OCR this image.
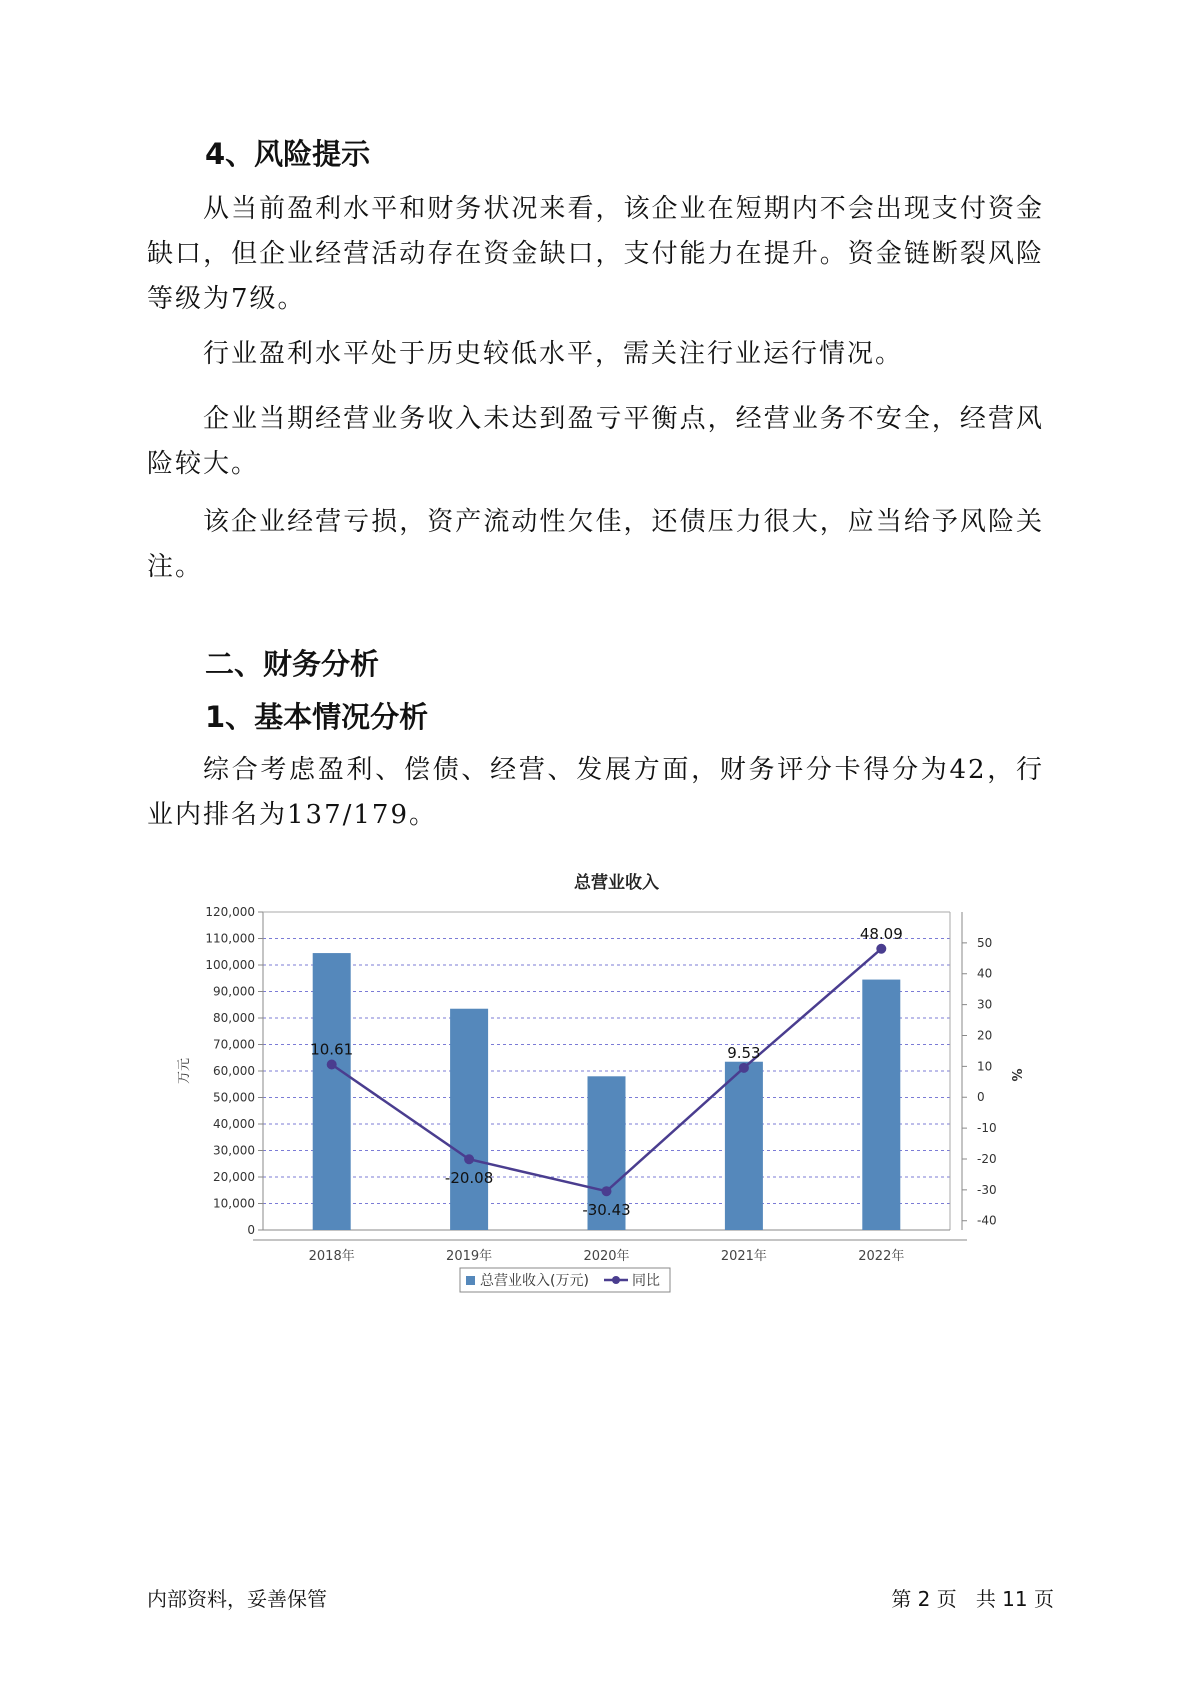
4、风险提示

从当前盈利水平和财务状况来看，该企业在短期内不会出现支付资金缺口，但企业经营活动存在资金缺口，支付能力在提升。资金链断裂风险等级为7级。

行业盈利水平处于历史较低水平，需关注行业运行情况。

企业当期经营业务收入未达到盈亏平衡点，经营业务不安全，经营风险较大。

该企业经营亏损，资产流动性欠佳，还债压力很大，应当给予风险关注。

二、财务分析
1、基本情况分析

综合考虑盈利、偿债、经营、发展方面，财务评分卡得分为42，行业内排名为137/179。

总营业收入
0
10,000
20,000
30,000
40,000
50,000
60,000
70,000
80,000
90,000
100,000
110,000
120,000
-40
-30
-20
-10
0
10
20
30
40
50
万元	%
2018年	2019年	2020年	2021年	2022年
10.61
-20.08
-30.43
9.53
48.09
总营业收入(万元)	同比
内部资料，妥善保管	第 2 页   共 11 页
